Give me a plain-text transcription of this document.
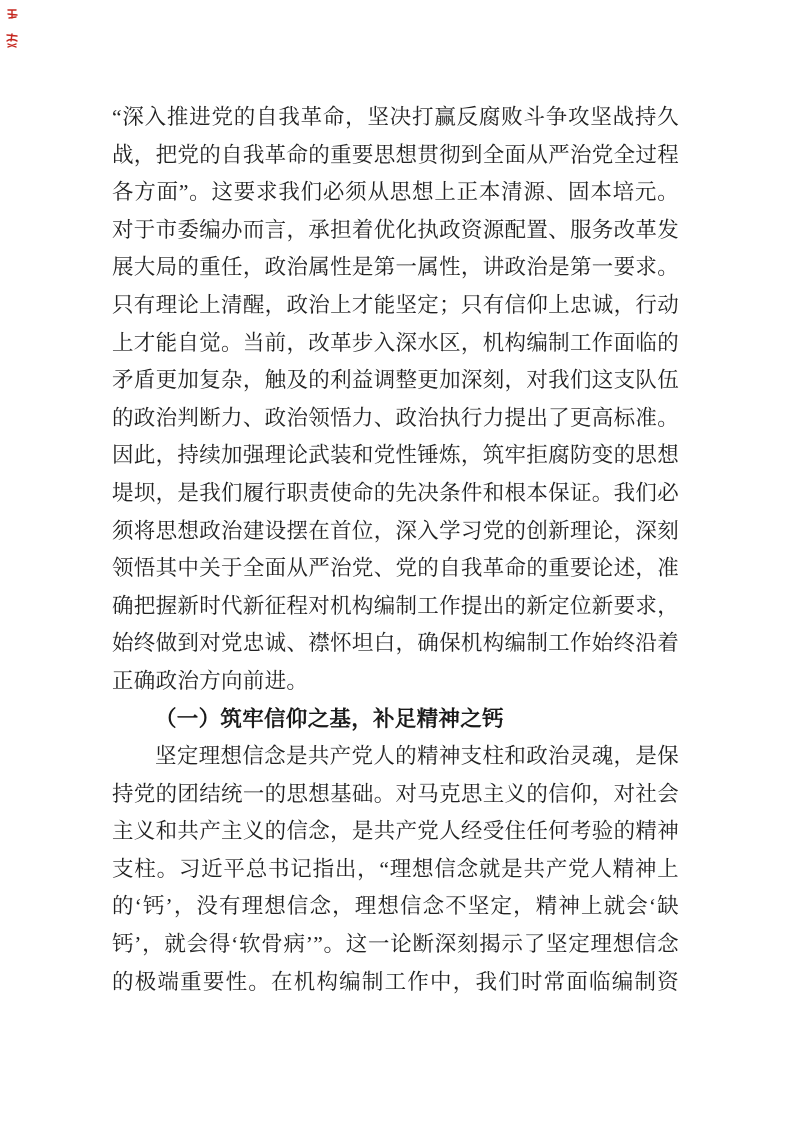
“深入推进党的自我革命，坚决打赢反腐败斗争攻坚战持久战，把党的自我革命的重要思想贯彻到全面从严治党全过程各方面”。这要求我们必须从思想上正本清源、固本培元。对于市委编办而言，承担着优化执政资源配置、服务改革发展大局的重任，政治属性是第一属性，讲政治是第一要求。只有理论上清醒，政治上才能坚定；只有信仰上忠诚，行动上才能自觉。当前，改革步入深水区，机构编制工作面临的矛盾更加复杂，触及的利益调整更加深刻，对我们这支队伍的政治判断力、政治领悟力、政治执行力提出了更高标准。因此，持续加强理论武装和党性锤炼，筑牢拒腐防变的思想堤坝，是我们履行职责使命的先决条件和根本保证。我们必须将思想政治建设摆在首位，深入学习党的创新理论，深刻领悟其中关于全面从严治党、党的自我革命的重要论述，准确把握新时代新征程对机构编制工作提出的新定位新要求，始终做到对党忠诚、襟怀坦白，确保机构编制工作始终沿着正确政治方向前进。

（一）筑牢信仰之基，补足精神之钙

坚定理想信念是共产党人的精神支柱和政治灵魂，是保持党的团结统一的思想基础。对马克思主义的信仰，对社会主义和共产主义的信念，是共产党人经受住任何考验的精神支柱。习近平总书记指出，“理想信念就是共产党人精神上的‘钙’，没有理想信念，理想信念不坚定，精神上就会‘缺钙’，就会得‘软骨病’”。这一论断深刻揭示了坚定理想信念的极端重要性。在机构编制工作中，我们时常面临编制资
